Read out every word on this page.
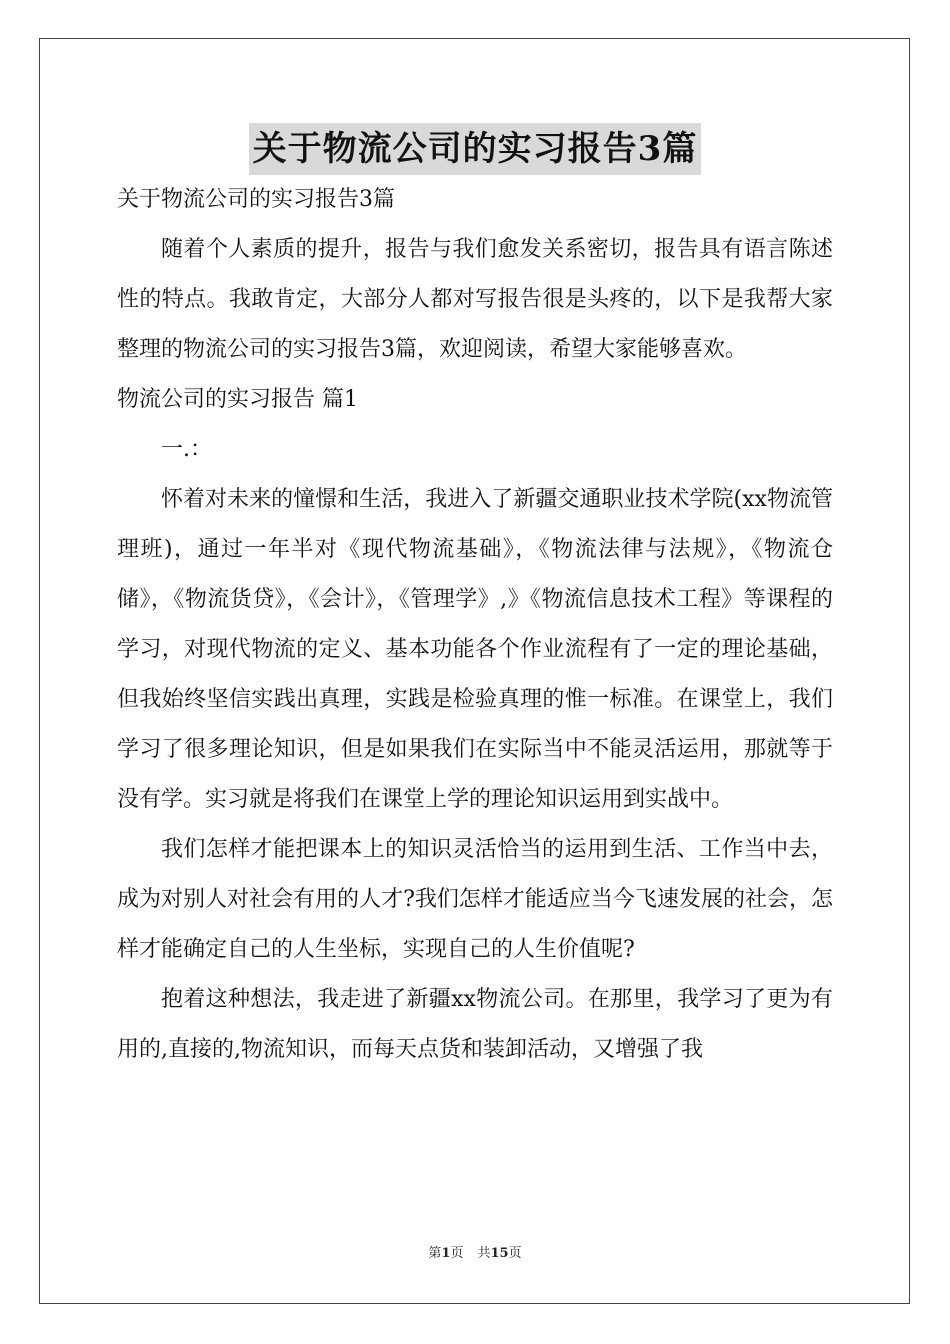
关于物流公司的实习报告3篇

关于物流公司的实习报告3篇

随着个人素质的提升，报告与我们愈发关系密切，报告具有语言陈述性的特点。我敢肯定，大部分人都对写报告很是头疼的，以下是我帮大家整理的物流公司的实习报告3篇，欢迎阅读，希望大家能够喜欢。

物流公司的实习报告 篇1

一.：

怀着对未来的憧憬和生活，我进入了新疆交通职业技术学院(xx物流管理班)，通过一年半对《现代物流基础》，《物流法律与法规》，《物流仓储》，《物流货贷》，《会计》，《管理学》,》《物流信息技术工程》等课程的学习，对现代物流的定义、基本功能各个作业流程有了一定的理论基础，但我始终坚信实践出真理，实践是检验真理的惟一标准。在课堂上，我们学习了很多理论知识，但是如果我们在实际当中不能灵活运用，那就等于没有学。实习就是将我们在课堂上学的理论知识运用到实战中。

我们怎样才能把课本上的知识灵活恰当的运用到生活、工作当中去，成为对别人对社会有用的人才?我们怎样才能适应当今飞速发展的社会，怎样才能确定自己的人生坐标，实现自己的人生价值呢?

抱着这种想法，我走进了新疆xx物流公司。在那里，我学习了更为有用的,直接的,物流知识，而每天点货和装卸活动，又增强了我

第1页 共15页
